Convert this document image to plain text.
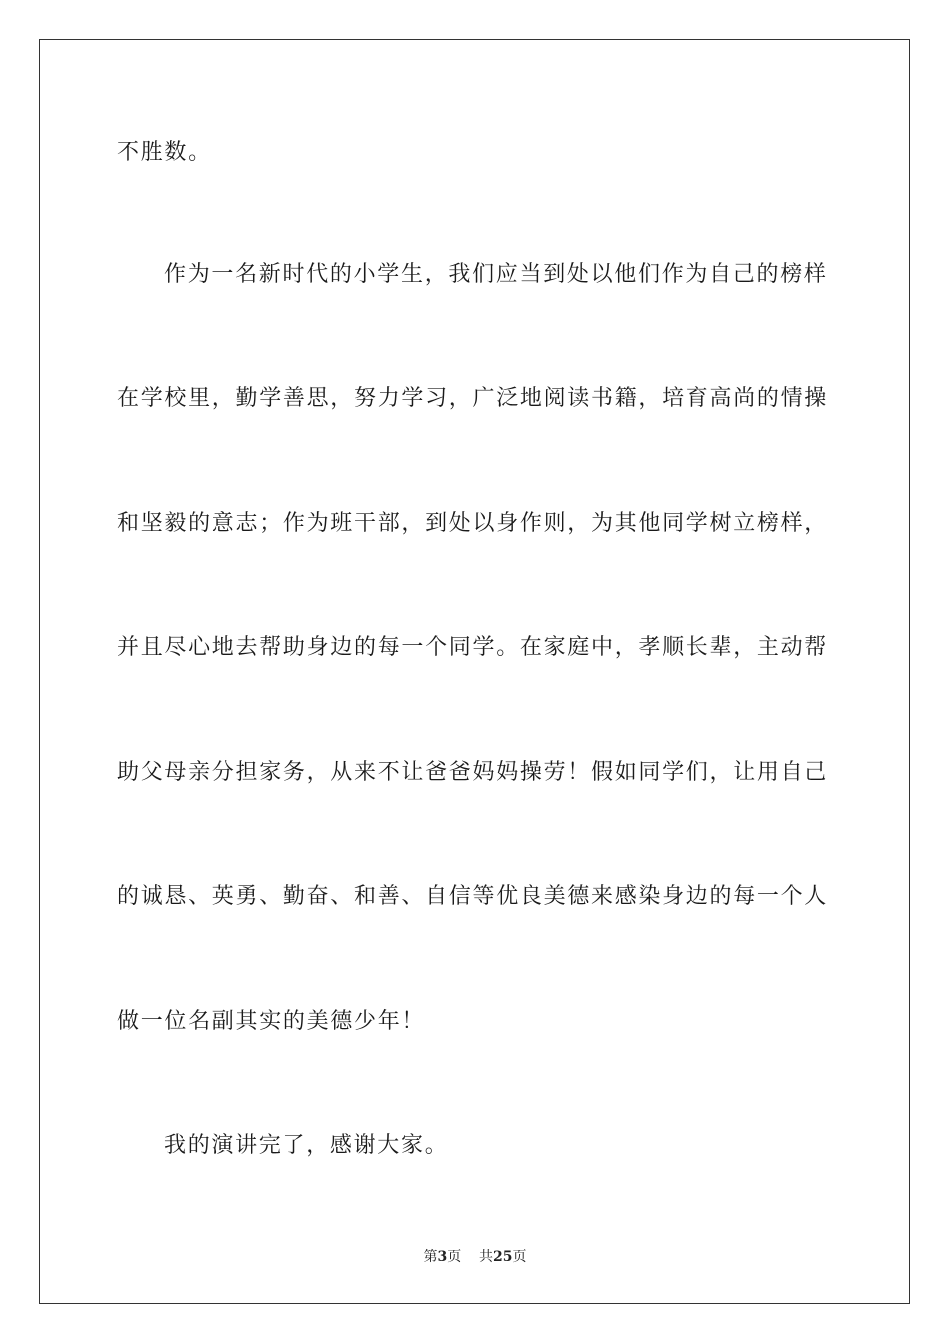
不胜数。
作为一名新时代的小学生，我们应当到处以他们作为自己的榜样
在学校里，勤学善思，努力学习，广泛地阅读书籍，培育高尚的情操
和坚毅的意志；作为班干部，到处以身作则，为其他同学树立榜样，
并且尽心地去帮助身边的每一个同学。在家庭中，孝顺长辈，主动帮
助父母亲分担家务，从来不让爸爸妈妈操劳！假如同学们，让用自己
的诚恳、英勇、勤奋、和善、自信等优良美德来感染身边的每一个人
做一位名副其实的美德少年！
我的演讲完了，感谢大家。
第3页 共25页
